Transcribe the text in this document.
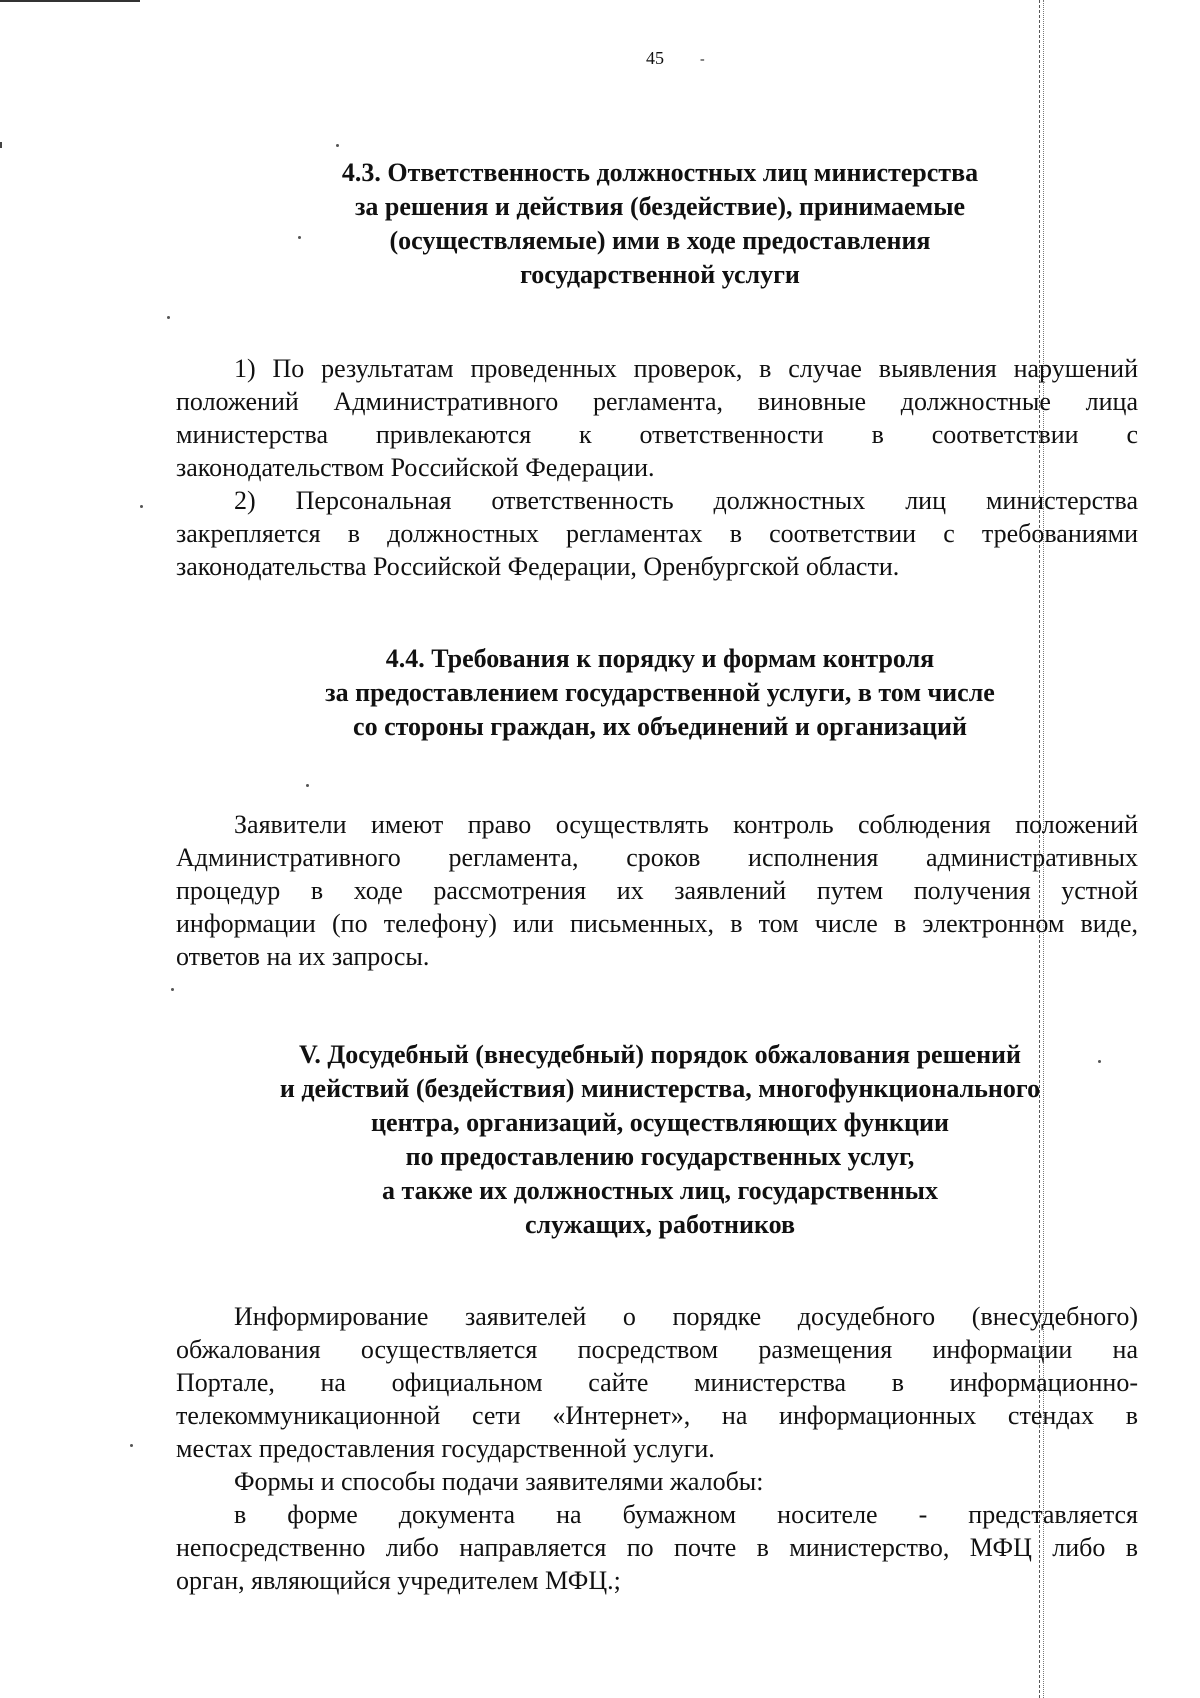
45	-
4.3. Ответственность должностных лиц министерства
за решения и действия (бездействие), принимаемые
(осуществляемые) ими в ходе предоставления
государственной услуги
1) По результатам проведенных проверок, в случае выявления нарушений
положений Административного регламента, виновные должностные лица
министерства привлекаются к ответственности в соответствии с
законодательством Российской Федерации.
2) Персональная ответственность должностных лиц министерства
закрепляется в должностных регламентах в соответствии с требованиями
законодательства Российской Федерации, Оренбургской области.
4.4. Требования к порядку и формам контроля
за предоставлением государственной услуги, в том числе
со стороны граждан, их объединений и организаций
Заявители имеют право осуществлять контроль соблюдения положений
Административного регламента, сроков исполнения административных
процедур в ходе рассмотрения их заявлений путем получения устной
информации (по телефону) или письменных, в том числе в электронном виде,
ответов на их запросы.
V. Досудебный (внесудебный) порядок обжалования решений
и действий (бездействия) министерства, многофункционального
центра, организаций, осуществляющих функции
по предоставлению государственных услуг,
а также их должностных лиц, государственных
служащих, работников
Информирование заявителей о порядке досудебного (внесудебного)
обжалования осуществляется посредством размещения информации на
Портале, на официальном сайте министерства в информационно-
телекоммуникационной сети «Интернет», на информационных стендах в
местах предоставления государственной услуги.
Формы и способы подачи заявителями жалобы:
в форме документа на бумажном носителе - представляется
непосредственно либо направляется по почте в министерство, МФЦ либо в
орган, являющийся учредителем МФЦ.;
